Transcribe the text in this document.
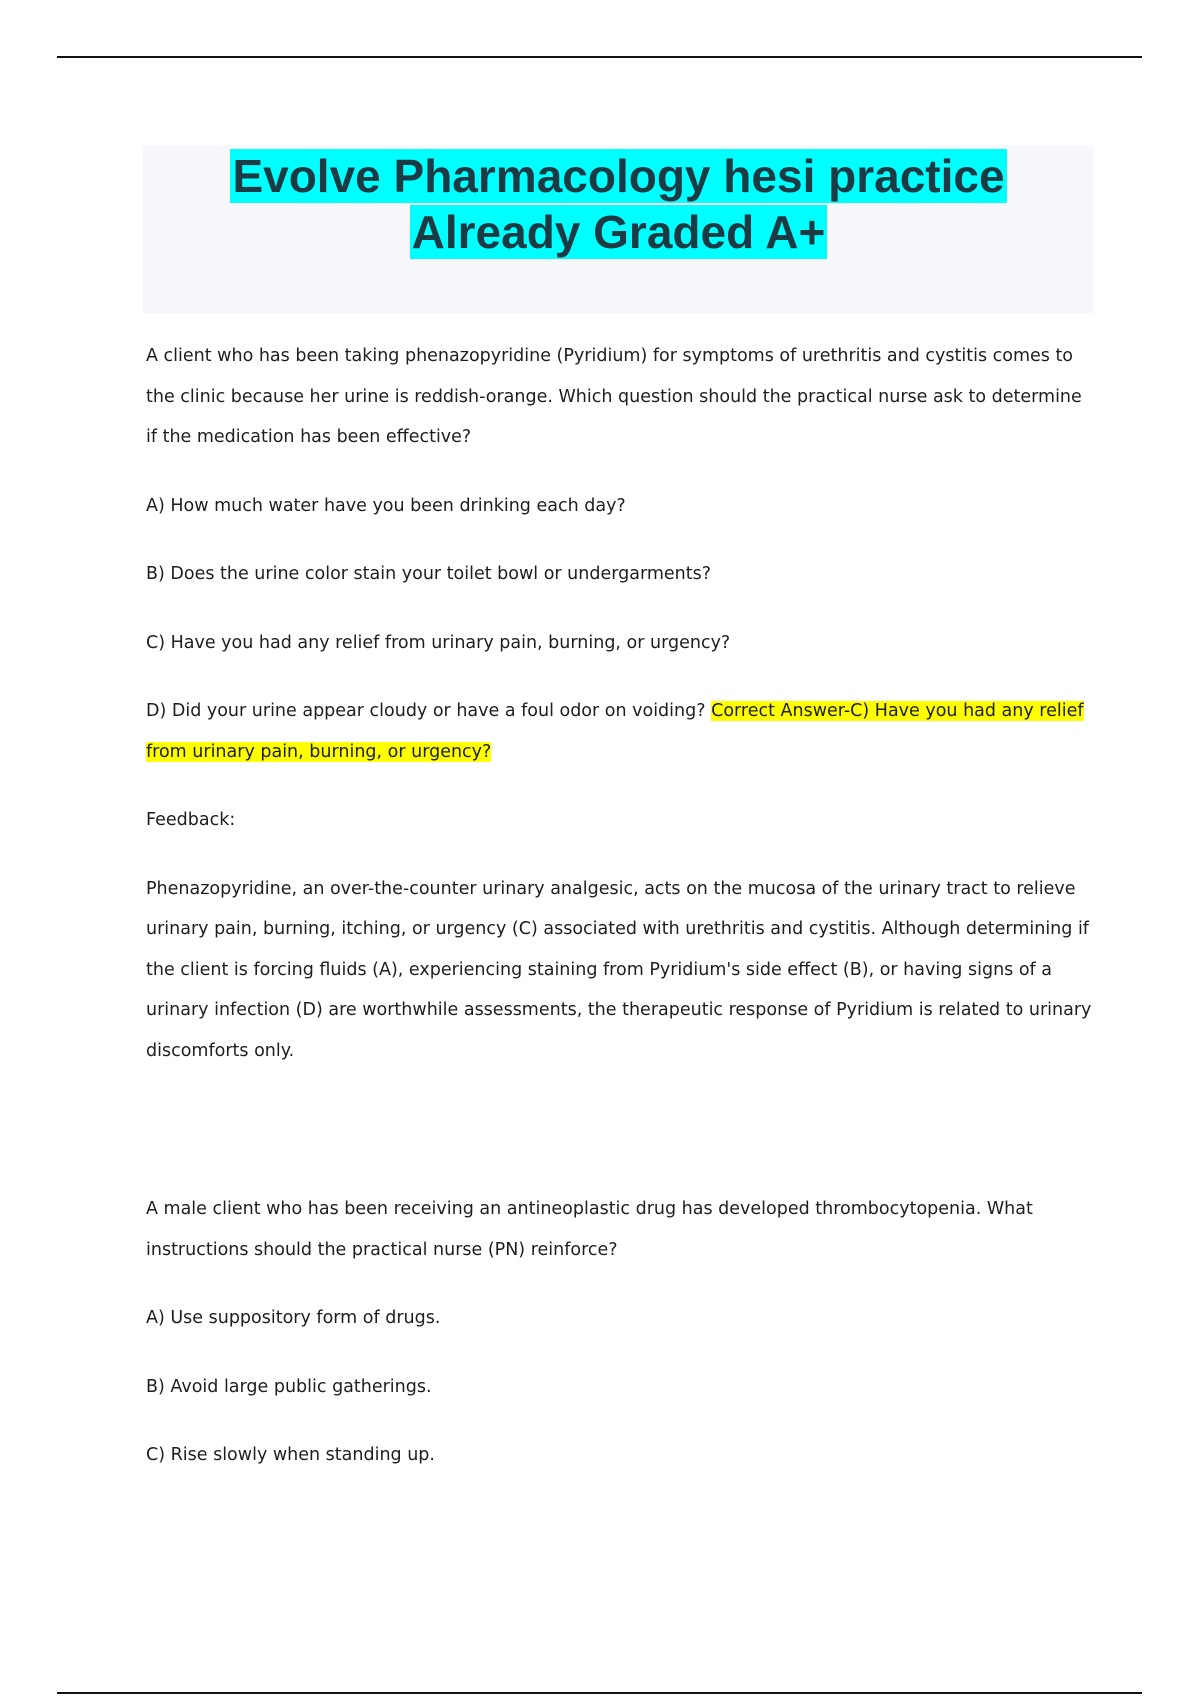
Evolve Pharmacology hesi practice
Already Graded A+

A client who has been taking phenazopyridine (Pyridium) for symptoms of urethritis and cystitis comes to the clinic because her urine is reddish-orange. Which question should the practical nurse ask to determine if the medication has been effective?

A) How much water have you been drinking each day?

B) Does the urine color stain your toilet bowl or undergarments?

C) Have you had any relief from urinary pain, burning, or urgency?

D) Did your urine appear cloudy or have a foul odor on voiding? Correct Answer-C) Have you had any relief from urinary pain, burning, or urgency?

Feedback:

Phenazopyridine, an over-the-counter urinary analgesic, acts on the mucosa of the urinary tract to relieve urinary pain, burning, itching, or urgency (C) associated with urethritis and cystitis. Although determining if the client is forcing fluids (A), experiencing staining from Pyridium's side effect (B), or having signs of a urinary infection (D) are worthwhile assessments, the therapeutic response of Pyridium is related to urinary discomforts only.

A male client who has been receiving an antineoplastic drug has developed thrombocytopenia. What instructions should the practical nurse (PN) reinforce?

A) Use suppository form of drugs.

B) Avoid large public gatherings.

C) Rise slowly when standing up.
